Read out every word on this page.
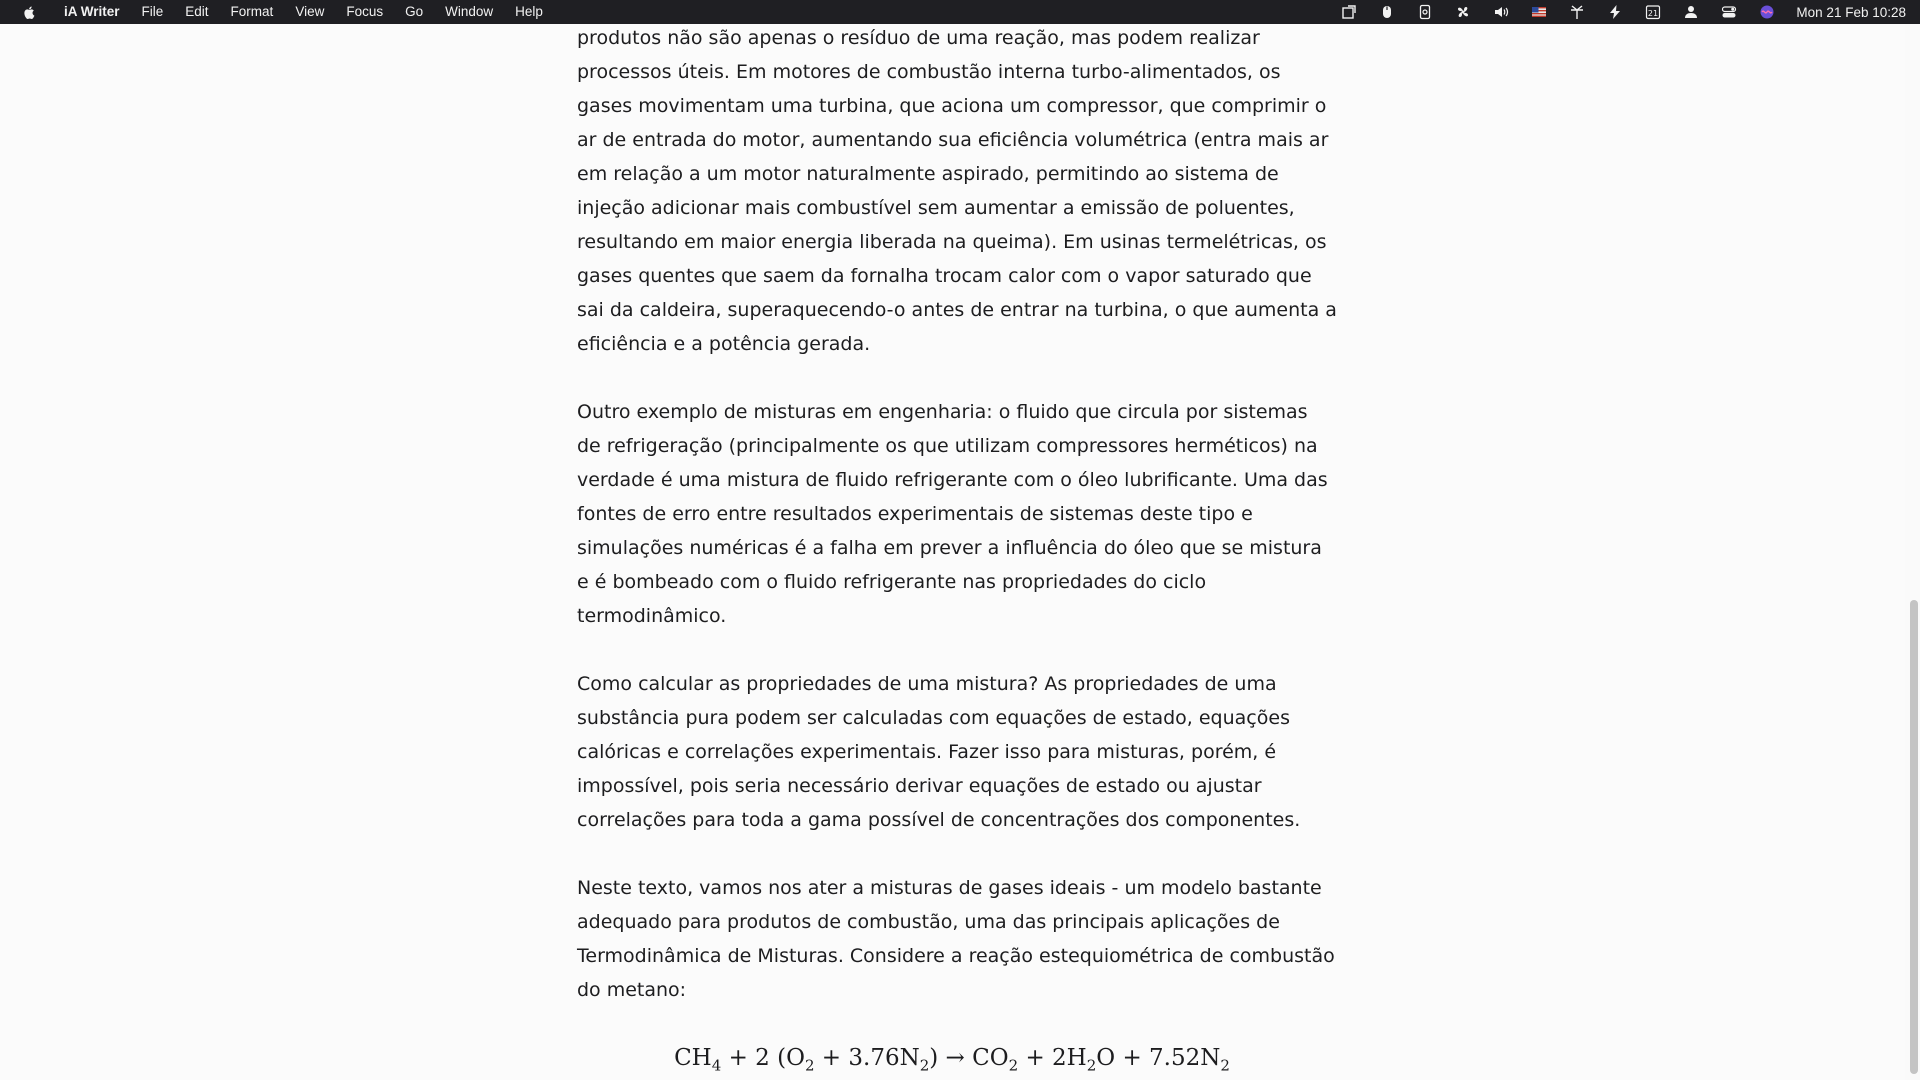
iA Writer	File	Edit	Format	View	Focus	Go	Window	Help	21	Mon 21 Feb 10:28

produtos não são apenas o resíduo de uma reação, mas podem realizar processos úteis. Em motores de combustão interna turbo-alimentados, os gases movimentam uma turbina, que aciona um compressor, que comprimir o ar de entrada do motor, aumentando sua eficiência volumétrica (entra mais ar em relação a um motor naturalmente aspirado, permitindo ao sistema de injeção adicionar mais combustível sem aumentar a emissão de poluentes, resultando em maior energia liberada na queima). Em usinas termelétricas, os gases quentes que saem da fornalha trocam calor com o vapor saturado que sai da caldeira, superaquecendo-o antes de entrar na turbina, o que aumenta a eficiência e a potência gerada.

Outro exemplo de misturas em engenharia: o fluido que circula por sistemas de refrigeração (principalmente os que utilizam compressores herméticos) na verdade é uma mistura de fluido refrigerante com o óleo lubrificante. Uma das fontes de erro entre resultados experimentais de sistemas deste tipo e simulações numéricas é a falha em prever a influência do óleo que se mistura e é bombeado com o fluido refrigerante nas propriedades do ciclo termodinâmico.

Como calcular as propriedades de uma mistura? As propriedades de uma substância pura podem ser calculadas com equações de estado, equações calóricas e correlações experimentais. Fazer isso para misturas, porém, é impossível, pois seria necessário derivar equações de estado ou ajustar correlações para toda a gama possível de concentrações dos componentes.

Neste texto, vamos nos ater a misturas de gases ideais - um modelo bastante adequado para produtos de combustão, uma das principais aplicações de Termodinâmica de Misturas. Considere a reação estequiométrica de combustão do metano:

$CH_4 + 2$ $(O_2 + 3.76N_2) \to CO_2 + 2H_2O + 7.52N_2$
